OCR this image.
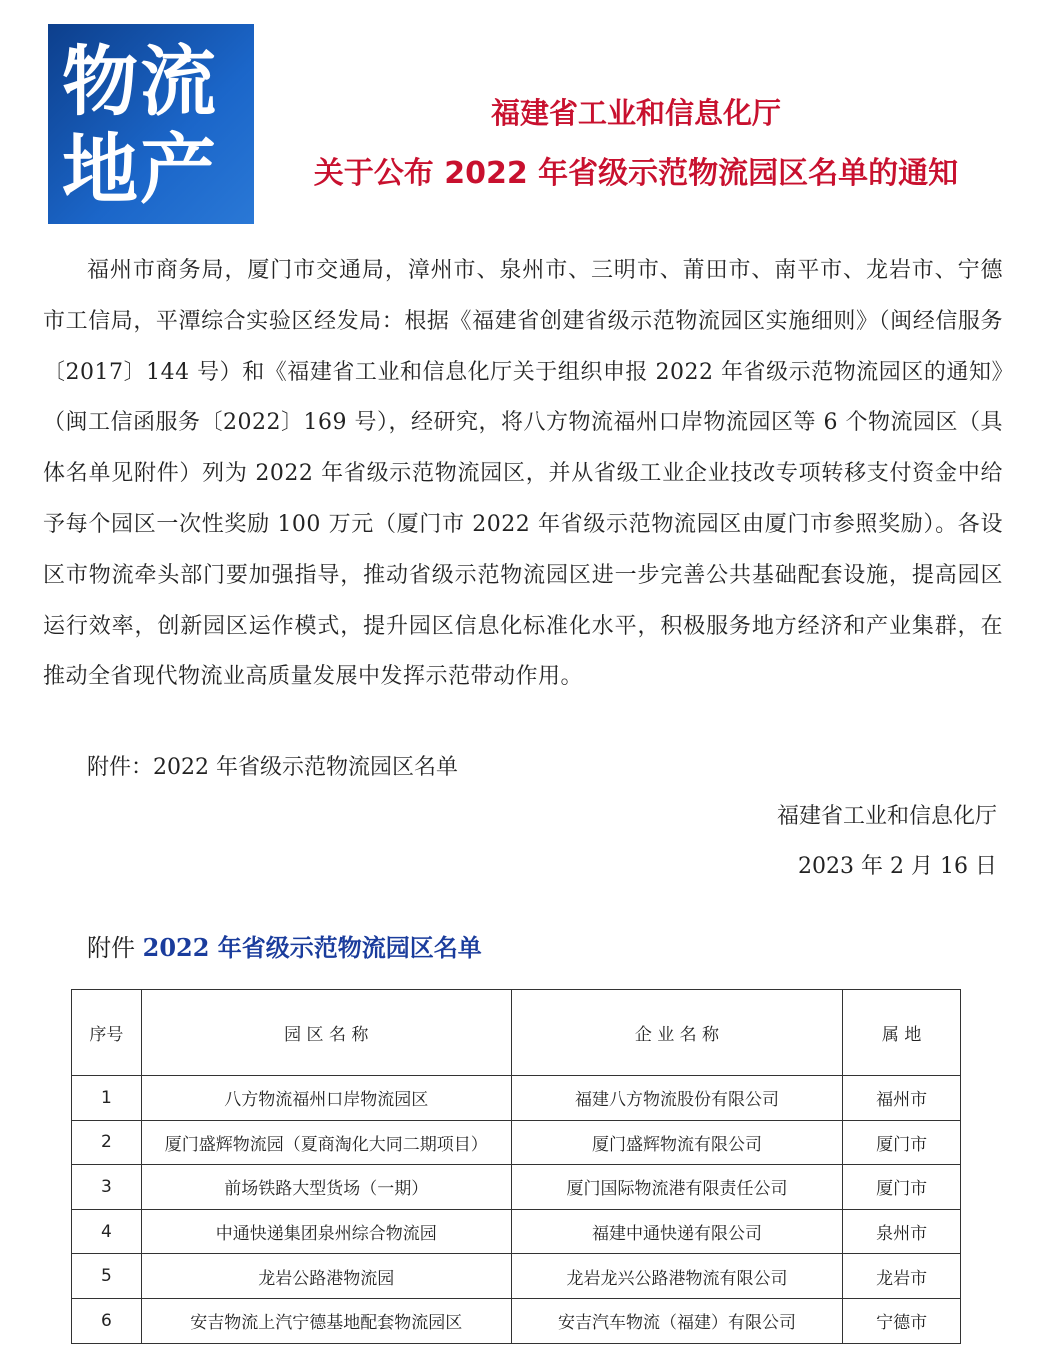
物流
地产
福建省工业和信息化厅
关于公布 2022 年省级示范物流园区名单的通知

福州市商务局，厦门市交通局，漳州市、泉州市、三明市、莆田市、南平市、龙岩市、宁德市工信局，平潭综合实验区经发局：根据《福建省创建省级示范物流园区实施细则》（闽经信服务〔2017〕144 号）和《福建省工业和信息化厅关于组织申报 2022 年省级示范物流园区的通知》（闽工信函服务〔2022〕169 号），经研究，将八方物流福州口岸物流园区等 6 个物流园区（具体名单见附件）列为 2022 年省级示范物流园区，并从省级工业企业技改专项转移支付资金中给予每个园区一次性奖励 100 万元（厦门市 2022 年省级示范物流园区由厦门市参照奖励）。各设区市物流牵头部门要加强指导，推动省级示范物流园区进一步完善公共基础配套设施，提高园区运行效率，创新园区运作模式，提升园区信息化标准化水平，积极服务地方经济和产业集群，在推动全省现代物流业高质量发展中发挥示范带动作用。

附件：2022 年省级示范物流园区名单
福建省工业和信息化厅
2023 年 2 月 16 日
附件 2022 年省级示范物流园区名单
序号	园 区 名 称	企 业 名 称	属 地
1	八方物流福州口岸物流园区	福建八方物流股份有限公司	福州市
2	厦门盛辉物流园（夏商淘化大同二期项目）	厦门盛辉物流有限公司	厦门市
3	前场铁路大型货场（一期）	厦门国际物流港有限责任公司	厦门市
4	中通快递集团泉州综合物流园	福建中通快递有限公司	泉州市
5	龙岩公路港物流园	龙岩龙兴公路港物流有限公司	龙岩市
6	安吉物流上汽宁德基地配套物流园区	安吉汽车物流（福建）有限公司	宁德市
